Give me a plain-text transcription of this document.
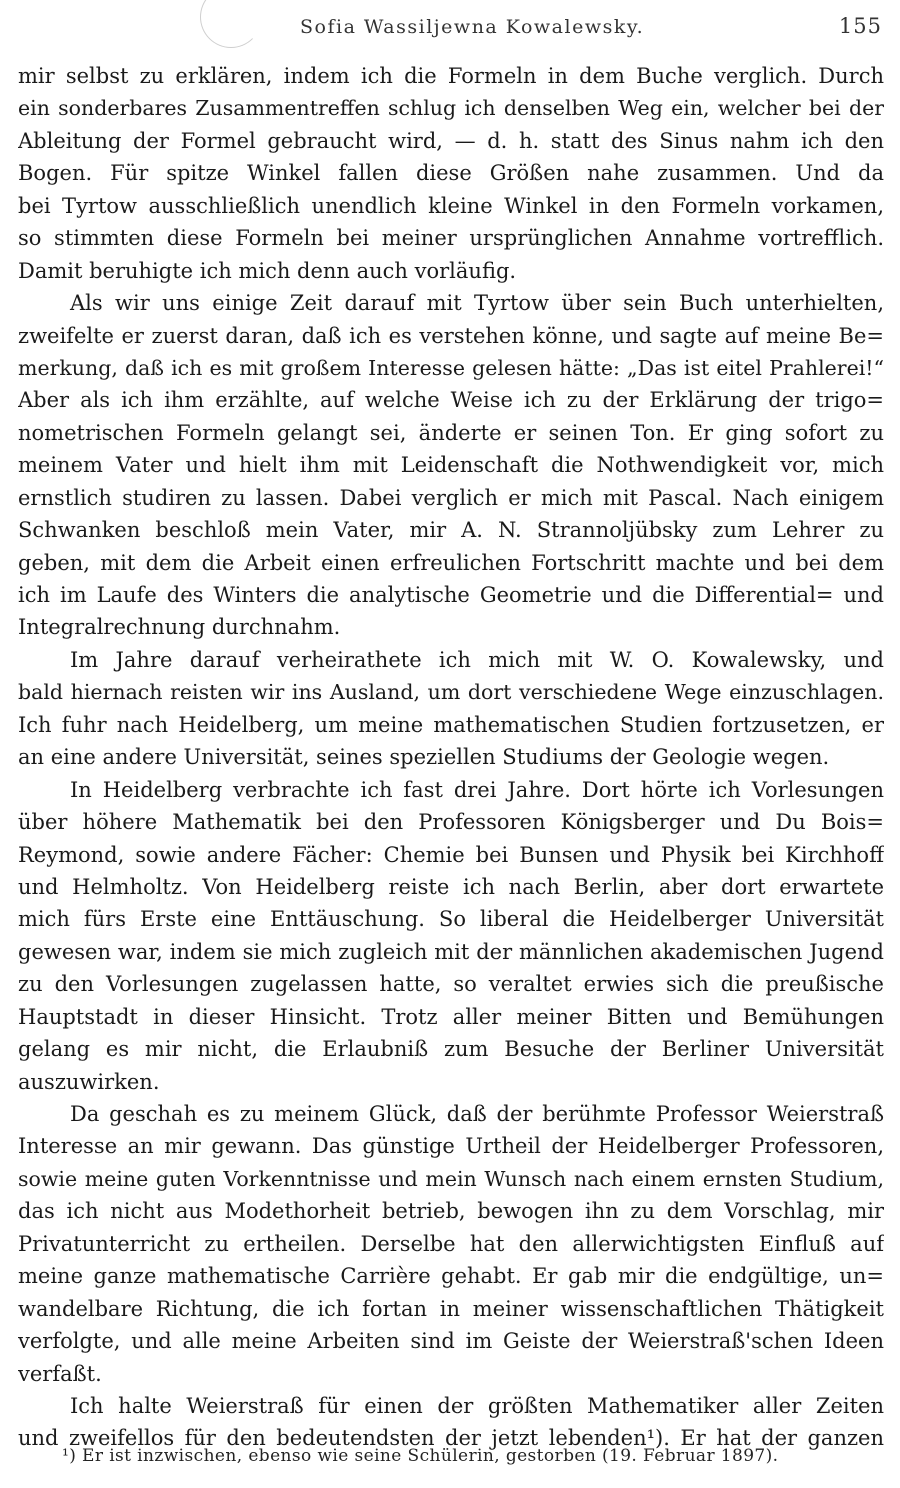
Sofia Wassiljewna Kowalewsky.	155
mir selbst zu erklären, indem ich die Formeln in dem Buche verglich. Durch
ein sonderbares Zusammentreffen schlug ich denselben Weg ein, welcher bei der
Ableitung der Formel gebraucht wird, — d. h. statt des Sinus nahm ich den
Bogen. Für spitze Winkel fallen diese Größen nahe zusammen. Und da
bei Tyrtow ausschließlich unendlich kleine Winkel in den Formeln vorkamen,
so stimmten diese Formeln bei meiner ursprünglichen Annahme vortrefflich.
Damit beruhigte ich mich denn auch vorläufig.
Als wir uns einige Zeit darauf mit Tyrtow über sein Buch unterhielten,
zweifelte er zuerst daran, daß ich es verstehen könne, und sagte auf meine Be=
merkung, daß ich es mit großem Interesse gelesen hätte: „Das ist eitel Prahlerei!“
Aber als ich ihm erzählte, auf welche Weise ich zu der Erklärung der trigo=
nometrischen Formeln gelangt sei, änderte er seinen Ton. Er ging sofort zu
meinem Vater und hielt ihm mit Leidenschaft die Nothwendigkeit vor, mich
ernstlich studiren zu lassen. Dabei verglich er mich mit Pascal. Nach einigem
Schwanken beschloß mein Vater, mir A. N. Strannoljübsky zum Lehrer zu
geben, mit dem die Arbeit einen erfreulichen Fortschritt machte und bei dem
ich im Laufe des Winters die analytische Geometrie und die Differential= und
Integralrechnung durchnahm.
Im Jahre darauf verheirathete ich mich mit W. O. Kowalewsky, und
bald hiernach reisten wir ins Ausland, um dort verschiedene Wege einzuschlagen.
Ich fuhr nach Heidelberg, um meine mathematischen Studien fortzusetzen, er
an eine andere Universität, seines speziellen Studiums der Geologie wegen.
In Heidelberg verbrachte ich fast drei Jahre. Dort hörte ich Vorlesungen
über höhere Mathematik bei den Professoren Königsberger und Du Bois=
Reymond, sowie andere Fächer: Chemie bei Bunsen und Physik bei Kirchhoff
und Helmholtz. Von Heidelberg reiste ich nach Berlin, aber dort erwartete
mich fürs Erste eine Enttäuschung. So liberal die Heidelberger Universität
gewesen war, indem sie mich zugleich mit der männlichen akademischen Jugend
zu den Vorlesungen zugelassen hatte, so veraltet erwies sich die preußische
Hauptstadt in dieser Hinsicht. Trotz aller meiner Bitten und Bemühungen
gelang es mir nicht, die Erlaubniß zum Besuche der Berliner Universität
auszuwirken.
Da geschah es zu meinem Glück, daß der berühmte Professor Weierstraß
Interesse an mir gewann. Das günstige Urtheil der Heidelberger Professoren,
sowie meine guten Vorkenntnisse und mein Wunsch nach einem ernsten Studium,
das ich nicht aus Modethorheit betrieb, bewogen ihn zu dem Vorschlag, mir
Privatunterricht zu ertheilen. Derselbe hat den allerwichtigsten Einfluß auf
meine ganze mathematische Carrière gehabt. Er gab mir die endgültige, un=
wandelbare Richtung, die ich fortan in meiner wissenschaftlichen Thätigkeit
verfolgte, und alle meine Arbeiten sind im Geiste der Weierstraß'schen Ideen
verfaßt.
Ich halte Weierstraß für einen der größten Mathematiker aller Zeiten
und zweifellos für den bedeutendsten der jetzt lebenden¹). Er hat der ganzen
¹) Er ist inzwischen, ebenso wie seine Schülerin, gestorben (19. Februar 1897).
